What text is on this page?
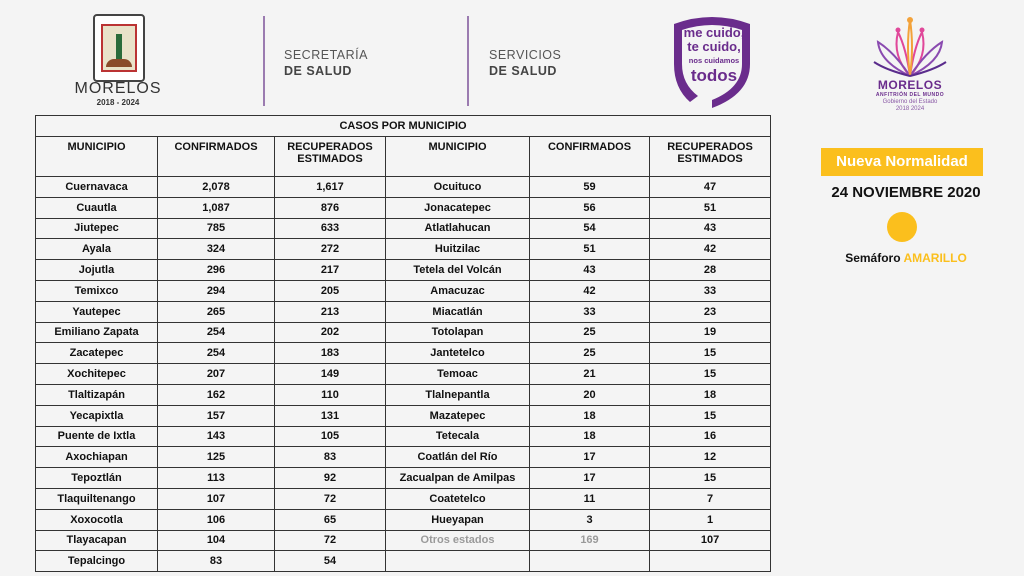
MORELOS
2018 - 2024
SECRETARÍA
DE SALUD
SERVICIOS
DE SALUD
me cuido,
te cuido,
nos cuidamos
todos	MORELOS
ANFITRIÓN DEL MUNDO
Gobierno del Estado
2018 2024
CASOS POR MUNICIPIO					
MUNICIPIO	CONFIRMADOS	RECUPERADOS ESTIMADOS	MUNICIPIO	CONFIRMADOS	RECUPERADOS ESTIMADOS
Cuernavaca	2,078	1,617	Ocuituco	59	47
Cuautla	1,087	876	Jonacatepec	56	51
Jiutepec	785	633	Atlatlahucan	54	43
Ayala	324	272	Huitzilac	51	42
Jojutla	296	217	Tetela del Volcán	43	28
Temixco	294	205	Amacuzac	42	33
Yautepec	265	213	Miacatlán	33	23
Emiliano Zapata	254	202	Totolapan	25	19
Zacatepec	254	183	Jantetelco	25	15
Xochitepec	207	149	Temoac	21	15
Tlaltizapán	162	110	Tlalnepantla	20	18
Yecapixtla	157	131	Mazatepec	18	15
Puente de Ixtla	143	105	Tetecala	18	16
Axochiapan	125	83	Coatlán del Río	17	12
Tepoztlán	113	92	Zacualpan de Amilpas	17	15
Tlaquiltenango	107	72	Coatetelco	11	7
Xoxocotla	106	65	Hueyapan	3	1
Tlayacapan	104	72	Otros estados	169	107
Tepalcingo	83	54			
Nueva Normalidad
24 NOVIEMBRE 2020
Semáforo AMARILLO
